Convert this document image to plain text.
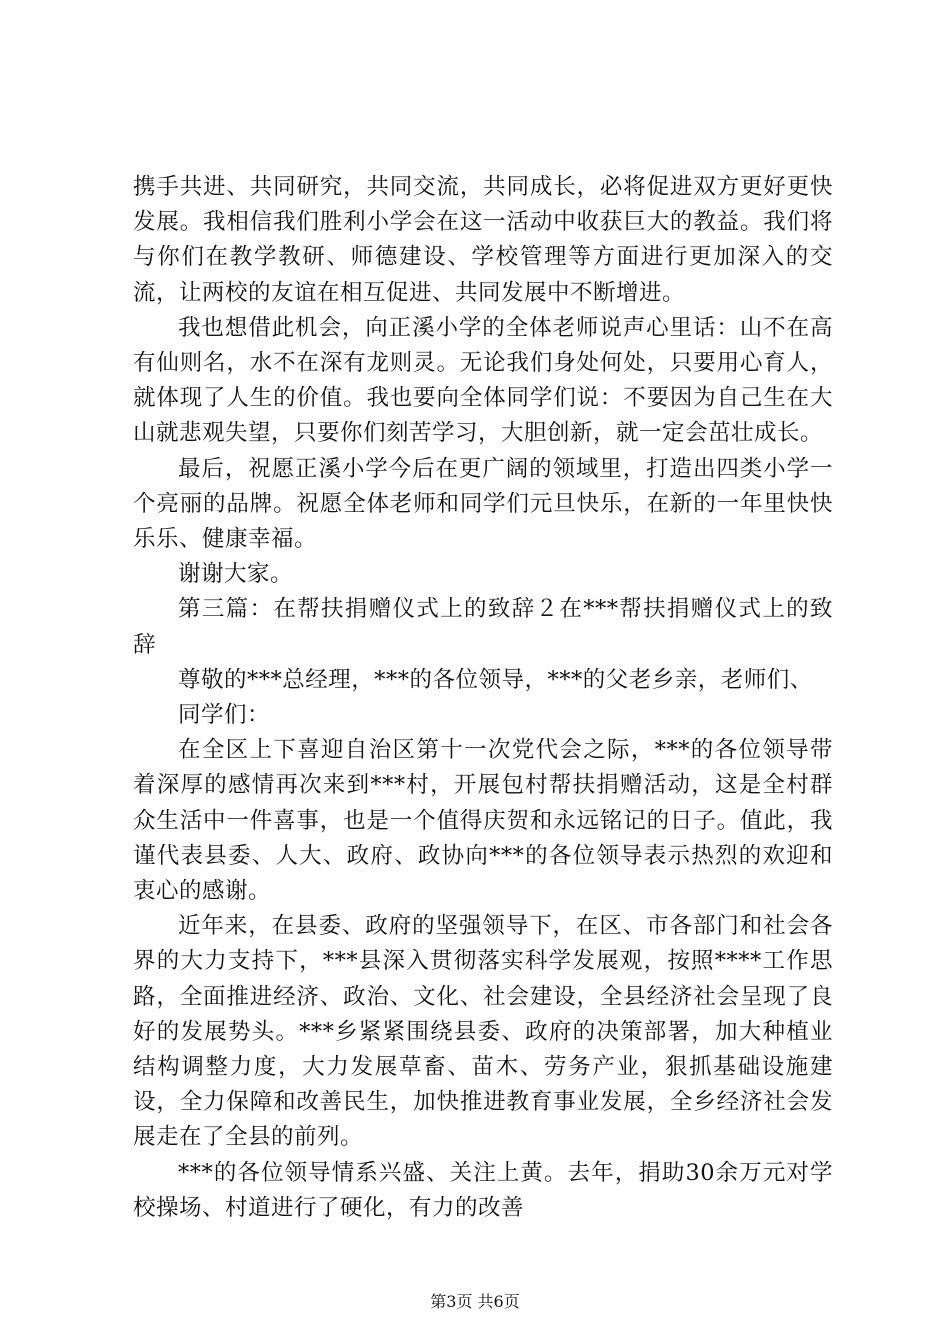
携手共进、共同研究，共同交流，共同成长，必将促进双方更好更快发展。我相信我们胜利小学会在这一活动中收获巨大的教益。我们将与你们在教学教研、师德建设、学校管理等方面进行更加深入的交流，让两校的友谊在相互促进、共同发展中不断增进。

我也想借此机会，向正溪小学的全体老师说声心里话：山不在高有仙则名，水不在深有龙则灵。无论我们身处何处，只要用心育人，就体现了人生的价值。我也要向全体同学们说：不要因为自己生在大山就悲观失望，只要你们刻苦学习，大胆创新，就一定会茁壮成长。

最后，祝愿正溪小学今后在更广阔的领域里，打造出四类小学一个亮丽的品牌。祝愿全体老师和同学们元旦快乐，在新的一年里快快乐乐、健康幸福。

谢谢大家。

第三篇：在帮扶捐赠仪式上的致辞２在***帮扶捐赠仪式上的致辞

尊敬的***总经理，***的各位领导，***的父老乡亲，老师们、

同学们：

在全区上下喜迎自治区第十一次党代会之际，***的各位领导带着深厚的感情再次来到***村，开展包村帮扶捐赠活动，这是全村群众生活中一件喜事，也是一个值得庆贺和永远铭记的日子。值此，我谨代表县委、人大、政府、政协向***的各位领导表示热烈的欢迎和衷心的感谢。

近年来，在县委、政府的坚强领导下，在区、市各部门和社会各界的大力支持下，***县深入贯彻落实科学发展观，按照****工作思路，全面推进经济、政治、文化、社会建设，全县经济社会呈现了良好的发展势头。***乡紧紧围绕县委、政府的决策部署，加大种植业结构调整力度，大力发展草畜、苗木、劳务产业，狠抓基础设施建设，全力保障和改善民生，加快推进教育事业发展，全乡经济社会发展走在了全县的前列。

***的各位领导情系兴盛、关注上黄。去年，捐助30余万元对学校操场、村道进行了硬化，有力的改善

第3页 共6页
